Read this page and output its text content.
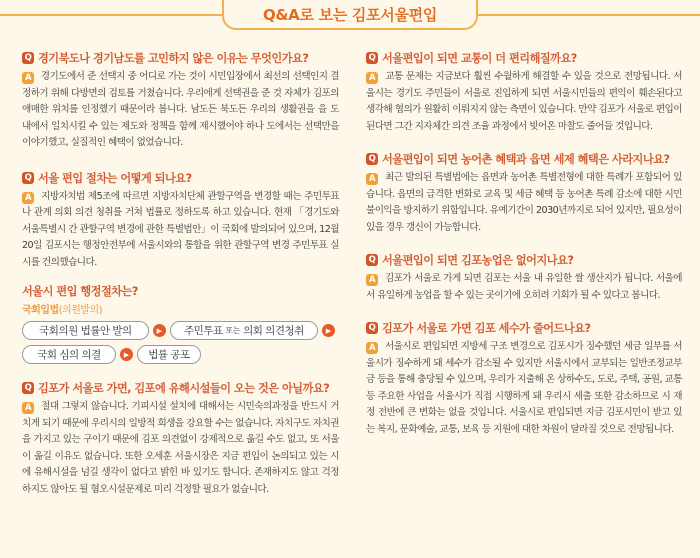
Q&A로 보는 김포서울편입
Q 경기북도나 경기남도를 고민하지 않은 이유는 무엇인가요?
A 경기도에서 준 선택지 중 어디로 가는 것이 시민입장에서 최선의 선택인지 결정하기 위해 다방면의 검토를 거쳤습니다. 우리에게 선택권을 준 것 자체가 김포의 애매한 위치를 인정했기 때문이라 봅니다. 남도든 북도든 우리의 생활권을 을 도 내에서 일치시킬 수 있는 제도와 정책을 함께 제시했어야 하나 도에서는 선택만을 이야기했고, 실질적인 혜택이 없었습니다.
Q 서울 편입 절차는 어떻게 되나요?
A 지방자치법 제5조에 따르면 지방자치단체 관할구역을 변경할 때는 주민투표나 관계 의회 의견 청취를 거쳐 법률로 정하도록 하고 있습니다. 현재 「경기도와 서울특별시 간 관할구역 변경에 관한 특별법안」이 국회에 발의되어 있으며, 12월 20일 김포시는 행정안전부에 서울시와의 통합을 위한 관할구역 변경 주민투표 실시를 건의했습니다.
서울시 편입 행정절차는?
국회입법(의원발의)
국회의원 법률안 발의	▶	주민투표 또는 의회 의견청취	▶
국회 심의 의결	▶	법률 공포
Q 김포가 서울로 가면, 김포에 유해시설들이 오는 것은 아닐까요?
A 절대 그렇지 않습니다. 기피시설 설치에 대해서는 시민숙의과정을 반드시 거치게 되기 때문에 우리시의 일방적 희생을 강요할 수는 없습니다. 자치구도 자치권을 가지고 있는 구이기 때문에 김포 의견없이 강제적으로 옮길 수도 없고, 또 서울이 옮길 이유도 없습니다. 또한 오세훈 서울시장은 지금 편입이 논의되고 있는 시에 유해시설을 넘길 생각이 없다고 밝힌 바 있기도 합니다. 존재하지도 않고 걱정하지도 않아도 될 혐오시설문제로 미리 걱정할 필요가 없습니다.
Q 서울편입이 되면 교통이 더 편리해질까요?
A 교통 문제는 지금보다 훨씬 수월하게 해결할 수 있을 것으로 전망됩니다. 서울시는 경기도 주민들이 서울로 진입하게 되면 서울시민들의 편익이 훼손된다고 생각해 협의가 원활히 이뤄지지 않는 측면이 있습니다. 만약 김포가 서울로 편입이 된다면 그간 지자체간 의견 조율 과정에서 빚어온 마찰도 줄어들 것입니다.
Q 서울편입이 되면 농어촌 혜택과 읍면 세제 혜택은 사라지나요?
A 최근 발의된 특별법에는 읍면과 농어촌 특별전형에 대한 특례가 포함되어 있습니다. 읍면의 급격한 변화로 교육 및 세금 혜택 등 농어촌 특례 감소에 대한 시민 불이익을 방지하기 위함입니다. 유예기간이 2030년까지로 되어 있지만, 필요성이 있을 경우 갱신이 가능합니다.
Q 서울편입이 되면 김포농업은 없어지나요?
A 김포가 서울로 가게 되면 김포는 서울 내 유일한 쌀 생산지가 됩니다. 서울에서 유일하게 농업을 할 수 있는 곳이기에 오히려 기회가 될 수 있다고 봅니다.
Q 김포가 서울로 가면 김포 세수가 줄어드나요?
A 서울시로 편입되면 지방세 구조 변경으로 김포시가 징수했던 세금 일부를 서울시가 징수하게 돼 세수가 감소될 수 있지만 서울시에서 교부되는 일반조정교부금 등을 통해 충당될 수 있으며, 우리가 지출해 온 상하수도, 도로, 주택, 공원, 교통 등 주요한 사업을 서울시가 직접 시행하게 돼 우리시 세출 또한 감소하므로 시 재정 전반에 큰 변화는 없을 것입니다. 서울시로 편입되면 지금 김포시민이 받고 있는 복지, 문화예술, 교통, 보육 등 지원에 대한 차원이 달라질 것으로 전망됩니다.
